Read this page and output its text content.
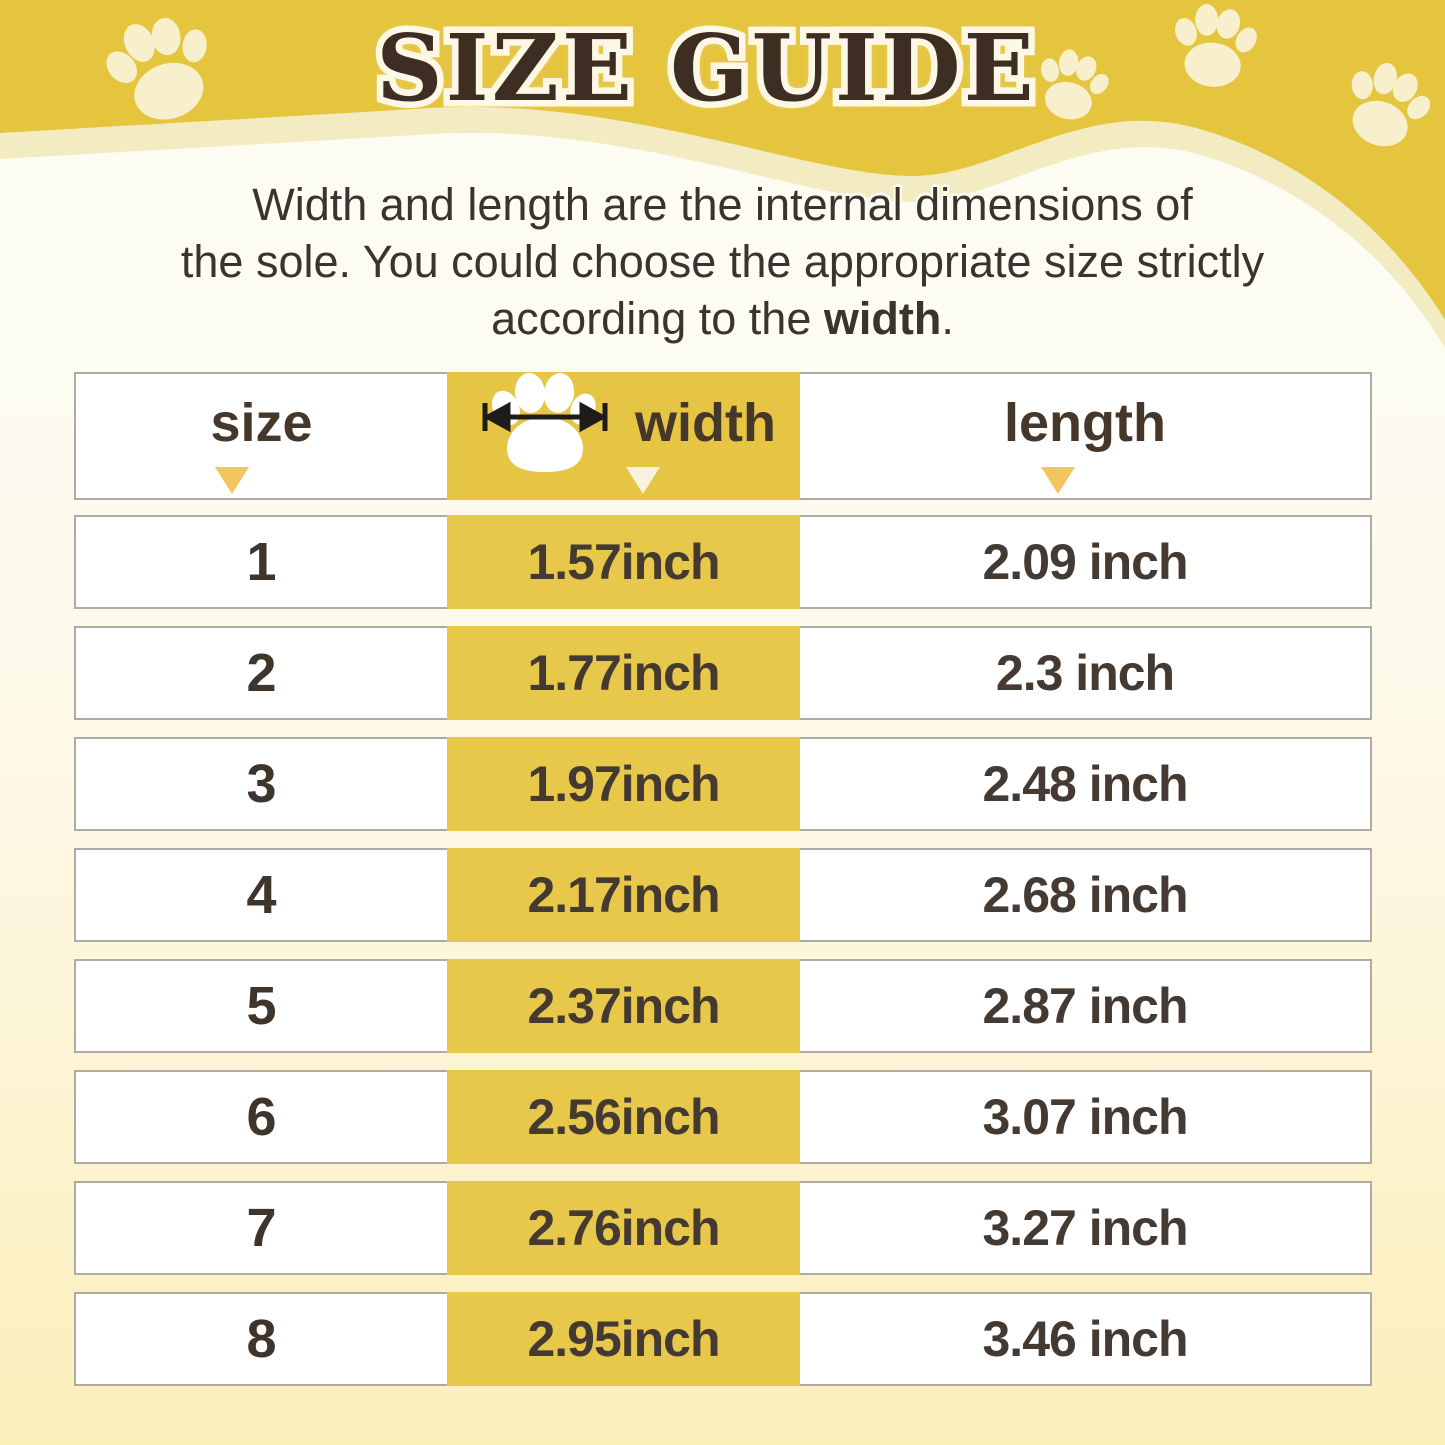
SIZE GUIDE
Width and length are the internal dimensions of
the sole. You could choose the appropriate size strictly
according to the width.
size	width	length
1	1.57inch	2.09 inch
2	1.77inch	2.3 inch
3	1.97inch	2.48 inch
4	2.17inch	2.68 inch
5	2.37inch	2.87 inch
6	2.56inch	3.07 inch
7	2.76inch	3.27 inch
8	2.95inch	3.46 inch
